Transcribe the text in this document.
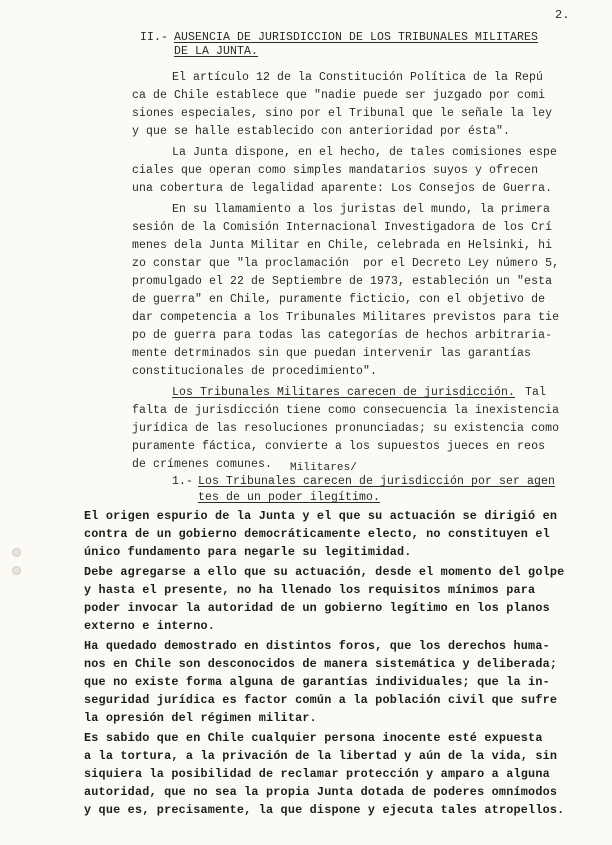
2.
II.- AUSENCIA DE JURISDICCION DE LOS TRIBUNALES MILITARES
DE LA JUNTA.
El artículo 12 de la Constitución Política de la Repú
ca de Chile establece que "nadie puede ser juzgado por comi
siones especiales, sino por el Tribunal que le señale la ley
y que se halle establecido con anterioridad por ésta".
La Junta dispone, en el hecho, de tales comisiones espe
ciales que operan como simples mandatarios suyos y ofrecen
una cobertura de legalidad aparente: Los Consejos de Guerra.
En su llamamiento a los juristas del mundo, la primera
sesión de la Comisión Internacional Investigadora de los Crí
menes dela Junta Militar en Chile, celebrada en Helsinki, hi
zo constar que "la proclamación  por el Decreto Ley número 5,
promulgado el 22 de Septiembre de 1973, estableción un "esta
de guerra" en Chile, puramente ficticio, con el objetivo de
dar competencia a los Tribunales Militares previstos para tie
po de guerra para todas las categorías de hechos arbitraria-
mente detrminados sin que puedan intervenir las garantías
constitucionales de procedimiento".
Los Tribunales Militares carecen de jurisdicción. Tal
falta de jurisdicción tiene como consecuencia la inexistencia
jurídica de las resoluciones pronunciadas; su existencia como
puramente fáctica, convierte a los supuestos jueces en reos
de crímenes comunes. Militares/
1.- Los Tribunales carecen de jurisdicción por ser agen
tes de un poder ilegítimo.
El origen espurio de la Junta y el que su actuación se dirigió en
contra de un gobierno democráticamente electo, no constituyen el
único fundamento para negarle su legitimidad.
Debe agregarse a ello que su actuación, desde el momento del golpe
y hasta el presente, no ha llenado los requisitos mínimos para
poder invocar la autoridad de un gobierno legítimo en los planos
externo e interno.
Ha quedado demostrado en distintos foros, que los derechos huma-
nos en Chile son desconocidos de manera sistemática y deliberada;
que no existe forma alguna de garantías individuales; que la in-
seguridad jurídica es factor común a la población civil que sufre
la opresión del régimen militar.
Es sabido que en Chile cualquier persona inocente esté expuesta
a la tortura, a la privación de la libertad y aún de la vida, sin
siquiera la posibilidad de reclamar protección y amparo a alguna
autoridad, que no sea la propia Junta dotada de poderes omnímodos
y que es, precisamente, la que dispone y ejecuta tales atropellos.
